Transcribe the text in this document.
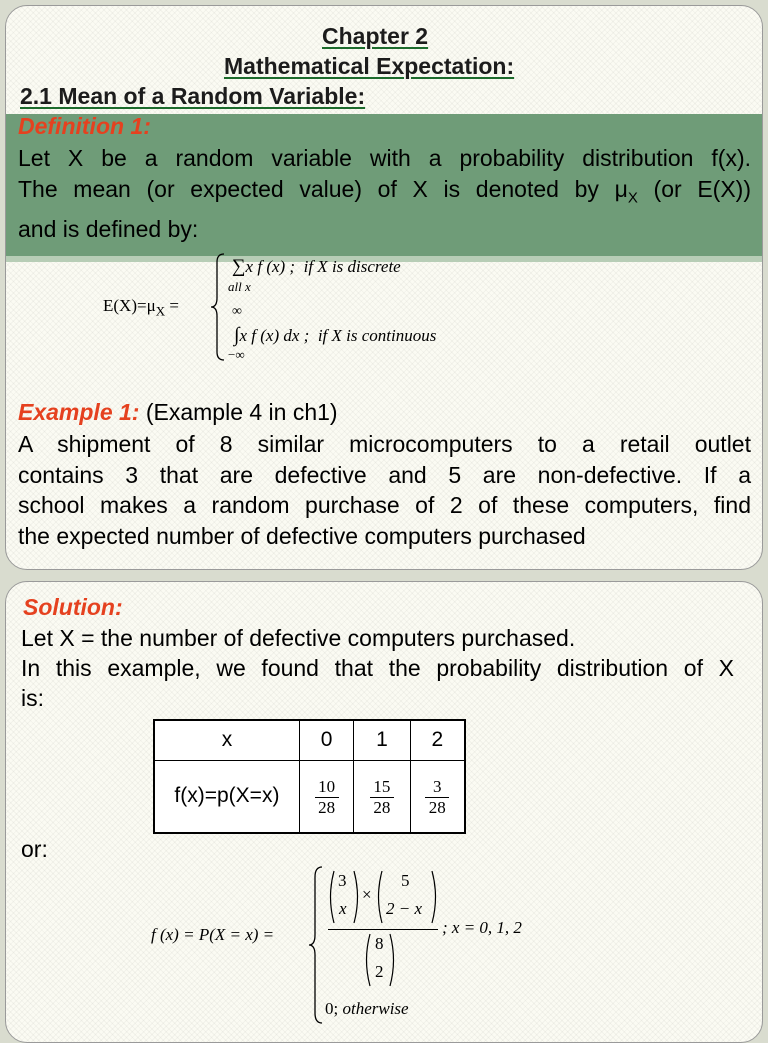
Chapter 2
Mathematical Expectation:
2.1 Mean of a Random Variable:
Definition 1:
Let X be a random variable with a probability distribution f(x).
The mean (or expected value) of X is denoted by $\mu_X$ (or E(X))
and is defined by:
$E(X)=\mu_X$ =
∑x f (x) ; if X is discrete
all x
∞
∫x f (x) dx ; if X is continuous
−∞
Example 1: (Example 4 in ch1)
A shipment of 8 similar microcomputers to a retail outlet
contains 3 that are defective and 5 are non-defective. If a
school makes a random purchase of 2 of these computers, find
the expected number of defective computers purchased
Solution:
Let X = the number of defective computers purchased.
In this example, we found that the probability distribution of X
is:
x	0	1	2
f(x)=p(X=x)	$\frac{10}{28}$	$\frac{15}{28}$	$\frac{3}{28}$
or:
f (x) = P(X = x) =
3
x
×
5
2 − x
; x = 0, 1, 2
8
2
0; otherwise
